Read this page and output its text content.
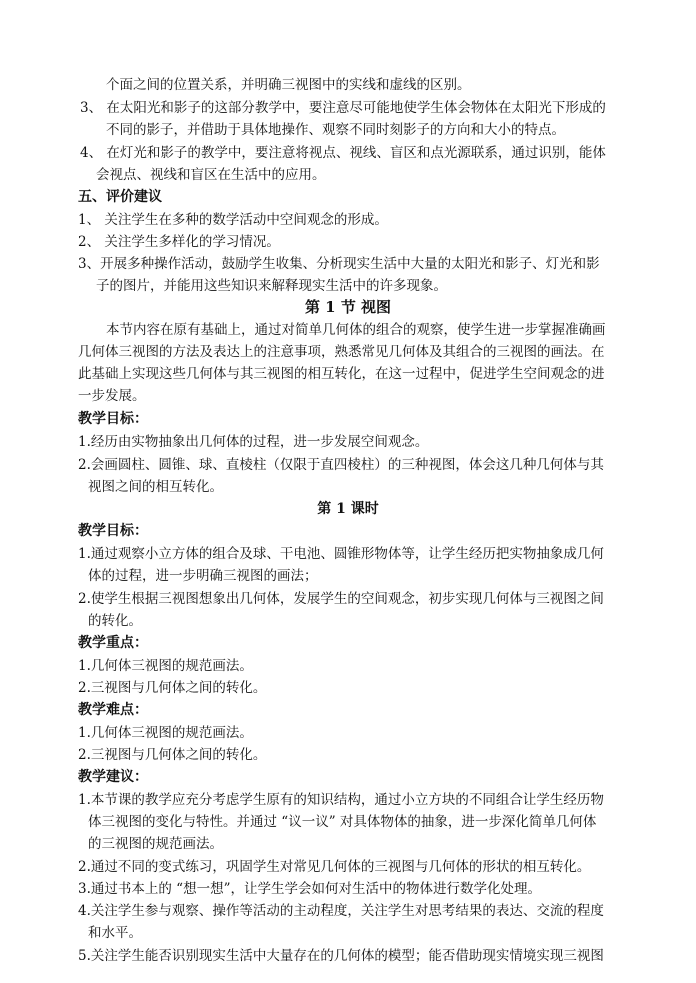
个面之间的位置关系，并明确三视图中的实线和虚线的区别。
3、 在太阳光和影子的这部分教学中，要注意尽可能地使学生体会物体在太阳光下形成的
不同的影子，并借助于具体地操作、观察不同时刻影子的方向和大小的特点。
4、 在灯光和影子的教学中，要注意将视点、视线、盲区和点光源联系，通过识别，能体
会视点、视线和盲区在生活中的应用。
五、评价建议
1、 关注学生在多种的数学活动中空间观念的形成。
2、 关注学生多样化的学习情况。
3、开展多种操作活动，鼓励学生收集、分析现实生活中大量的太阳光和影子、灯光和影
子的图片，并能用这些知识来解释现实生活中的许多现象。
第 1 节 视图
本节内容在原有基础上，通过对简单几何体的组合的观察，使学生进一步掌握准确画
几何体三视图的方法及表达上的注意事项，熟悉常见几何体及其组合的三视图的画法。在
此基础上实现这些几何体与其三视图的相互转化，在这一过程中，促进学生空间观念的进
一步发展。
教学目标：
1.经历由实物抽象出几何体的过程，进一步发展空间观念。
2.会画圆柱、圆锥、球、直棱柱（仅限于直四棱柱）的三种视图，体会这几种几何体与其
视图之间的相互转化。
第 1 课时
教学目标：
1.通过观察小立方体的组合及球、干电池、圆锥形物体等，让学生经历把实物抽象成几何
体的过程，进一步明确三视图的画法；
2.使学生根据三视图想象出几何体，发展学生的空间观念，初步实现几何体与三视图之间
的转化。
教学重点：
1.几何体三视图的规范画法。
2.三视图与几何体之间的转化。
教学难点：
1.几何体三视图的规范画法。
2.三视图与几何体之间的转化。
教学建议：
1.本节课的教学应充分考虑学生原有的知识结构，通过小立方块的不同组合让学生经历物
体三视图的变化与特性。并通过 “议一议” 对具体物体的抽象，进一步深化简单几何体
的三视图的规范画法。
2.通过不同的变式练习，巩固学生对常见几何体的三视图与几何体的形状的相互转化。
3.通过书本上的 “想一想”，让学生学会如何对生活中的物体进行数学化处理。
4.关注学生参与观察、操作等活动的主动程度，关注学生对思考结果的表达、交流的程度
和水平。
5.关注学生能否识别现实生活中大量存在的几何体的模型；能否借助现实情境实现三视图
